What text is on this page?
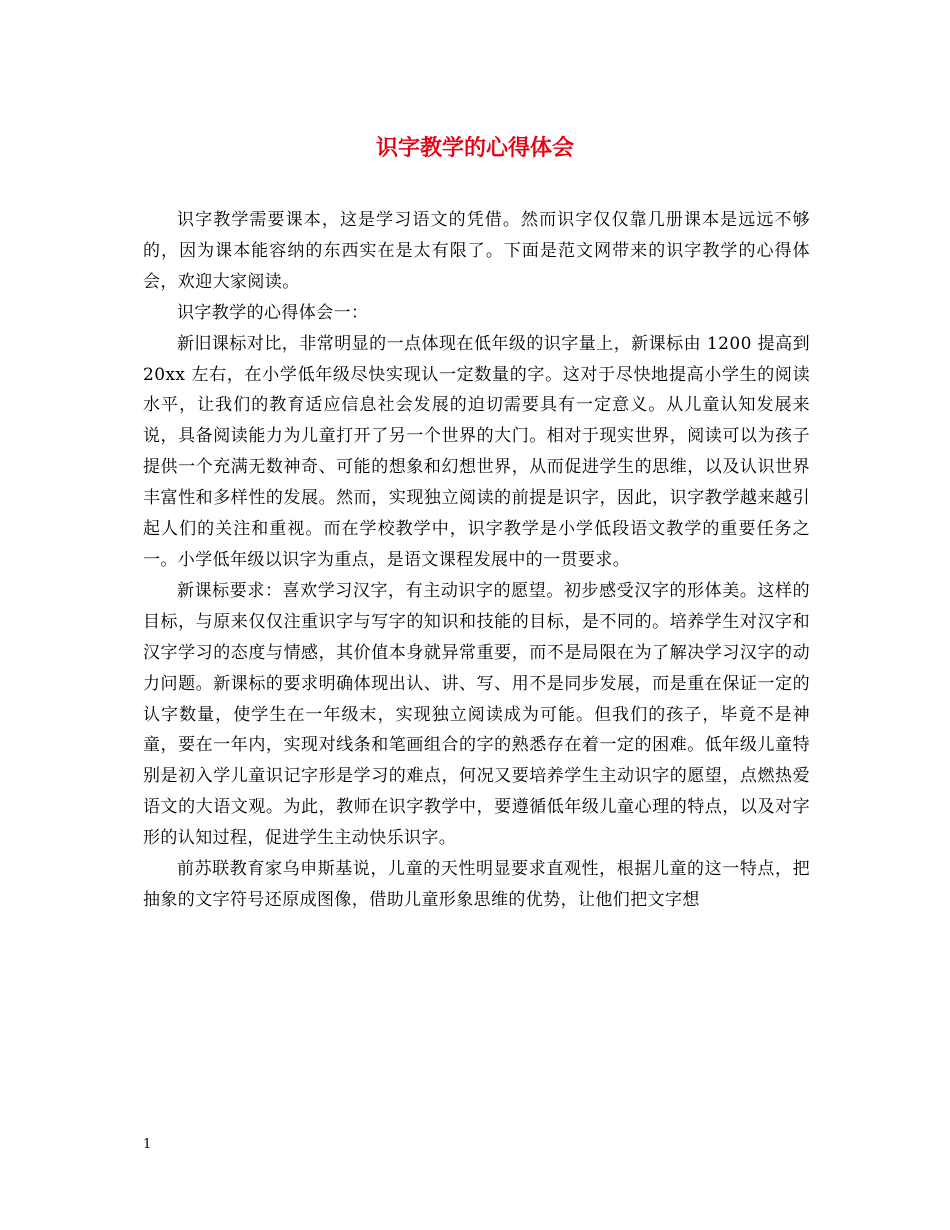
识字教学的心得体会

识字教学需要课本，这是学习语文的凭借。然而识字仅仅靠几册课本是远远不够的，因为课本能容纳的东西实在是太有限了。下面是范文网带来的识字教学的心得体会，欢迎大家阅读。

识字教学的心得体会一：

新旧课标对比，非常明显的一点体现在低年级的识字量上，新课标由 1200 提高到 20xx 左右，在小学低年级尽快实现认一定数量的字。这对于尽快地提高小学生的阅读水平，让我们的教育适应信息社会发展的迫切需要具有一定意义。从儿童认知发展来说，具备阅读能力为儿童打开了另一个世界的大门。相对于现实世界，阅读可以为孩子提供一个充满无数神奇、可能的想象和幻想世界，从而促进学生的思维，以及认识世界丰富性和多样性的发展。然而，实现独立阅读的前提是识字，因此，识字教学越来越引起人们的关注和重视。而在学校教学中，识字教学是小学低段语文教学的重要任务之一。小学低年级以识字为重点，是语文课程发展中的一贯要求。

新课标要求：喜欢学习汉字，有主动识字的愿望。初步感受汉字的形体美。这样的目标，与原来仅仅注重识字与写字的知识和技能的目标，是不同的。培养学生对汉字和汉字学习的态度与情感，其价值本身就异常重要，而不是局限在为了解决学习汉字的动力问题。新课标的要求明确体现出认、讲、写、用不是同步发展，而是重在保证一定的认字数量，使学生在一年级末，实现独立阅读成为可能。但我们的孩子，毕竟不是神童，要在一年内，实现对线条和笔画组合的字的熟悉存在着一定的困难。低年级儿童特别是初入学儿童识记字形是学习的难点，何况又要培养学生主动识字的愿望，点燃热爱语文的大语文观。为此，教师在识字教学中，要遵循低年级儿童心理的特点，以及对字形的认知过程，促进学生主动快乐识字。

前苏联教育家乌申斯基说，儿童的天性明显要求直观性，根据儿童的这一特点，把抽象的文字符号还原成图像，借助儿童形象思维的优势，让他们把文字想

1
